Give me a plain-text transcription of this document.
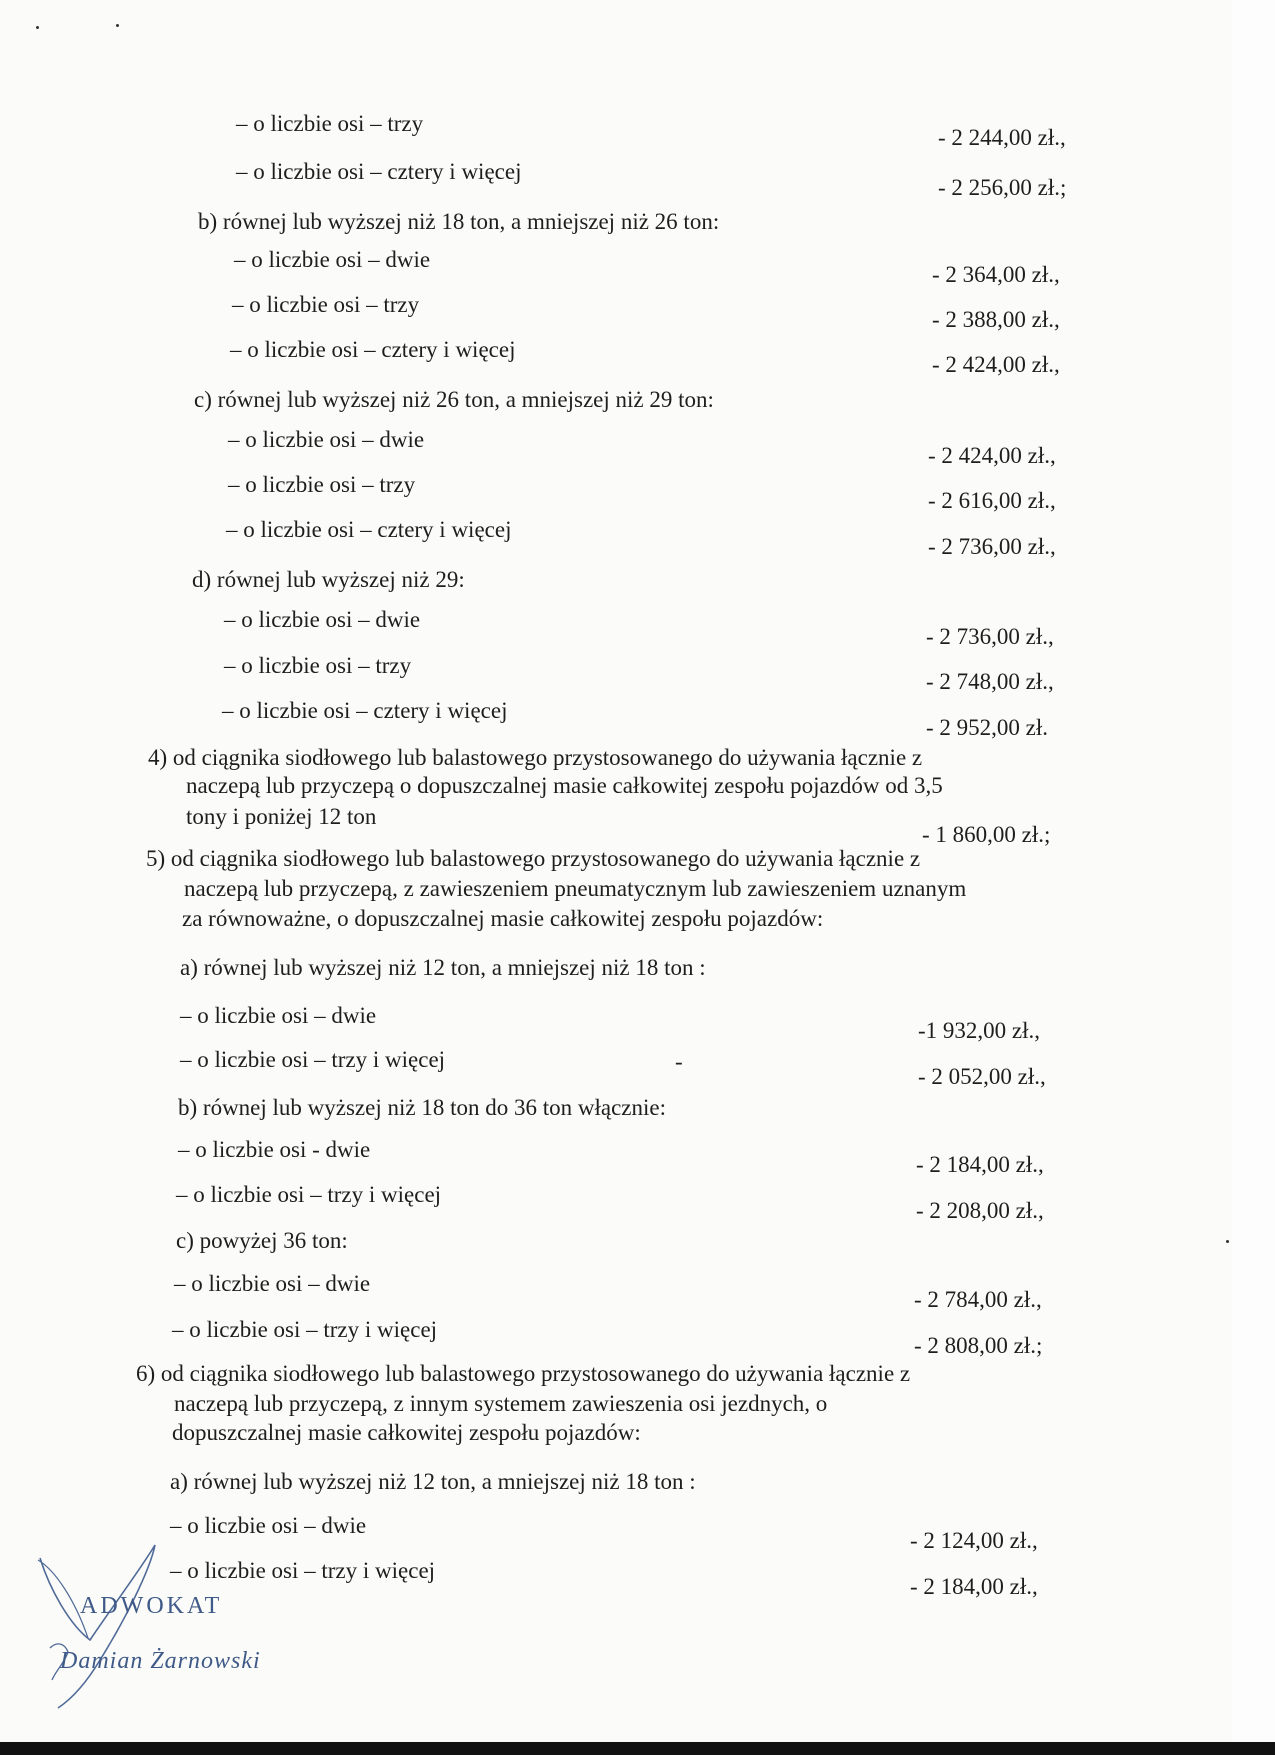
– o liczbie osi – trzy
– o liczbie osi – cztery i więcej
b) równej lub wyższej niż 18 ton, a mniejszej niż 26 ton:
– o liczbie osi – dwie
– o liczbie osi – trzy
– o liczbie osi – cztery i więcej
c) równej lub wyższej niż 26 ton, a mniejszej niż 29 ton:
– o liczbie osi – dwie
– o liczbie osi – trzy
– o liczbie osi – cztery i więcej
d) równej lub wyższej niż 29:
– o liczbie osi – dwie
– o liczbie osi – trzy
– o liczbie osi – cztery i więcej
4) od ciągnika siodłowego lub balastowego przystosowanego do używania łącznie z
naczepą lub przyczepą o dopuszczalnej masie całkowitej zespołu pojazdów od 3,5
tony i poniżej 12 ton
5) od ciągnika siodłowego lub balastowego przystosowanego do używania łącznie z
naczepą lub przyczepą, z zawieszeniem pneumatycznym lub zawieszeniem uznanym
za równoważne, o dopuszczalnej masie całkowitej zespołu pojazdów:
a) równej lub wyższej niż 12 ton, a mniejszej niż 18 ton :
– o liczbie osi – dwie
– o liczbie osi – trzy i więcej
b) równej lub wyższej niż 18 ton do 36 ton włącznie:
– o liczbie osi - dwie
– o liczbie osi – trzy i więcej
c) powyżej 36 ton:
– o liczbie osi – dwie
– o liczbie osi – trzy i więcej
6) od ciągnika siodłowego lub balastowego przystosowanego do używania łącznie z
naczepą lub przyczepą, z innym systemem zawieszenia osi jezdnych, o
dopuszczalnej masie całkowitej zespołu pojazdów:
a) równej lub wyższej niż 12 ton, a mniejszej niż 18 ton :
– o liczbie osi – dwie
– o liczbie osi – trzy i więcej
- 2 244,00 zł.,
- 2 256,00 zł.;
- 2 364,00 zł.,
- 2 388,00 zł.,
- 2 424,00 zł.,
- 2 424,00 zł.,
- 2 616,00 zł.,
- 2 736,00 zł.,
- 2 736,00 zł.,
- 2 748,00 zł.,
- 2 952,00 zł.
- 1 860,00 zł.;
-1 932,00 zł.,
- 2 052,00 zł.,
- 2 184,00 zł.,
- 2 208,00 zł.,
- 2 784,00 zł.,
- 2 808,00 zł.;
- 2 124,00 zł.,
- 2 184,00 zł.,
-
ADWOKAT
Damian Żarnowski
